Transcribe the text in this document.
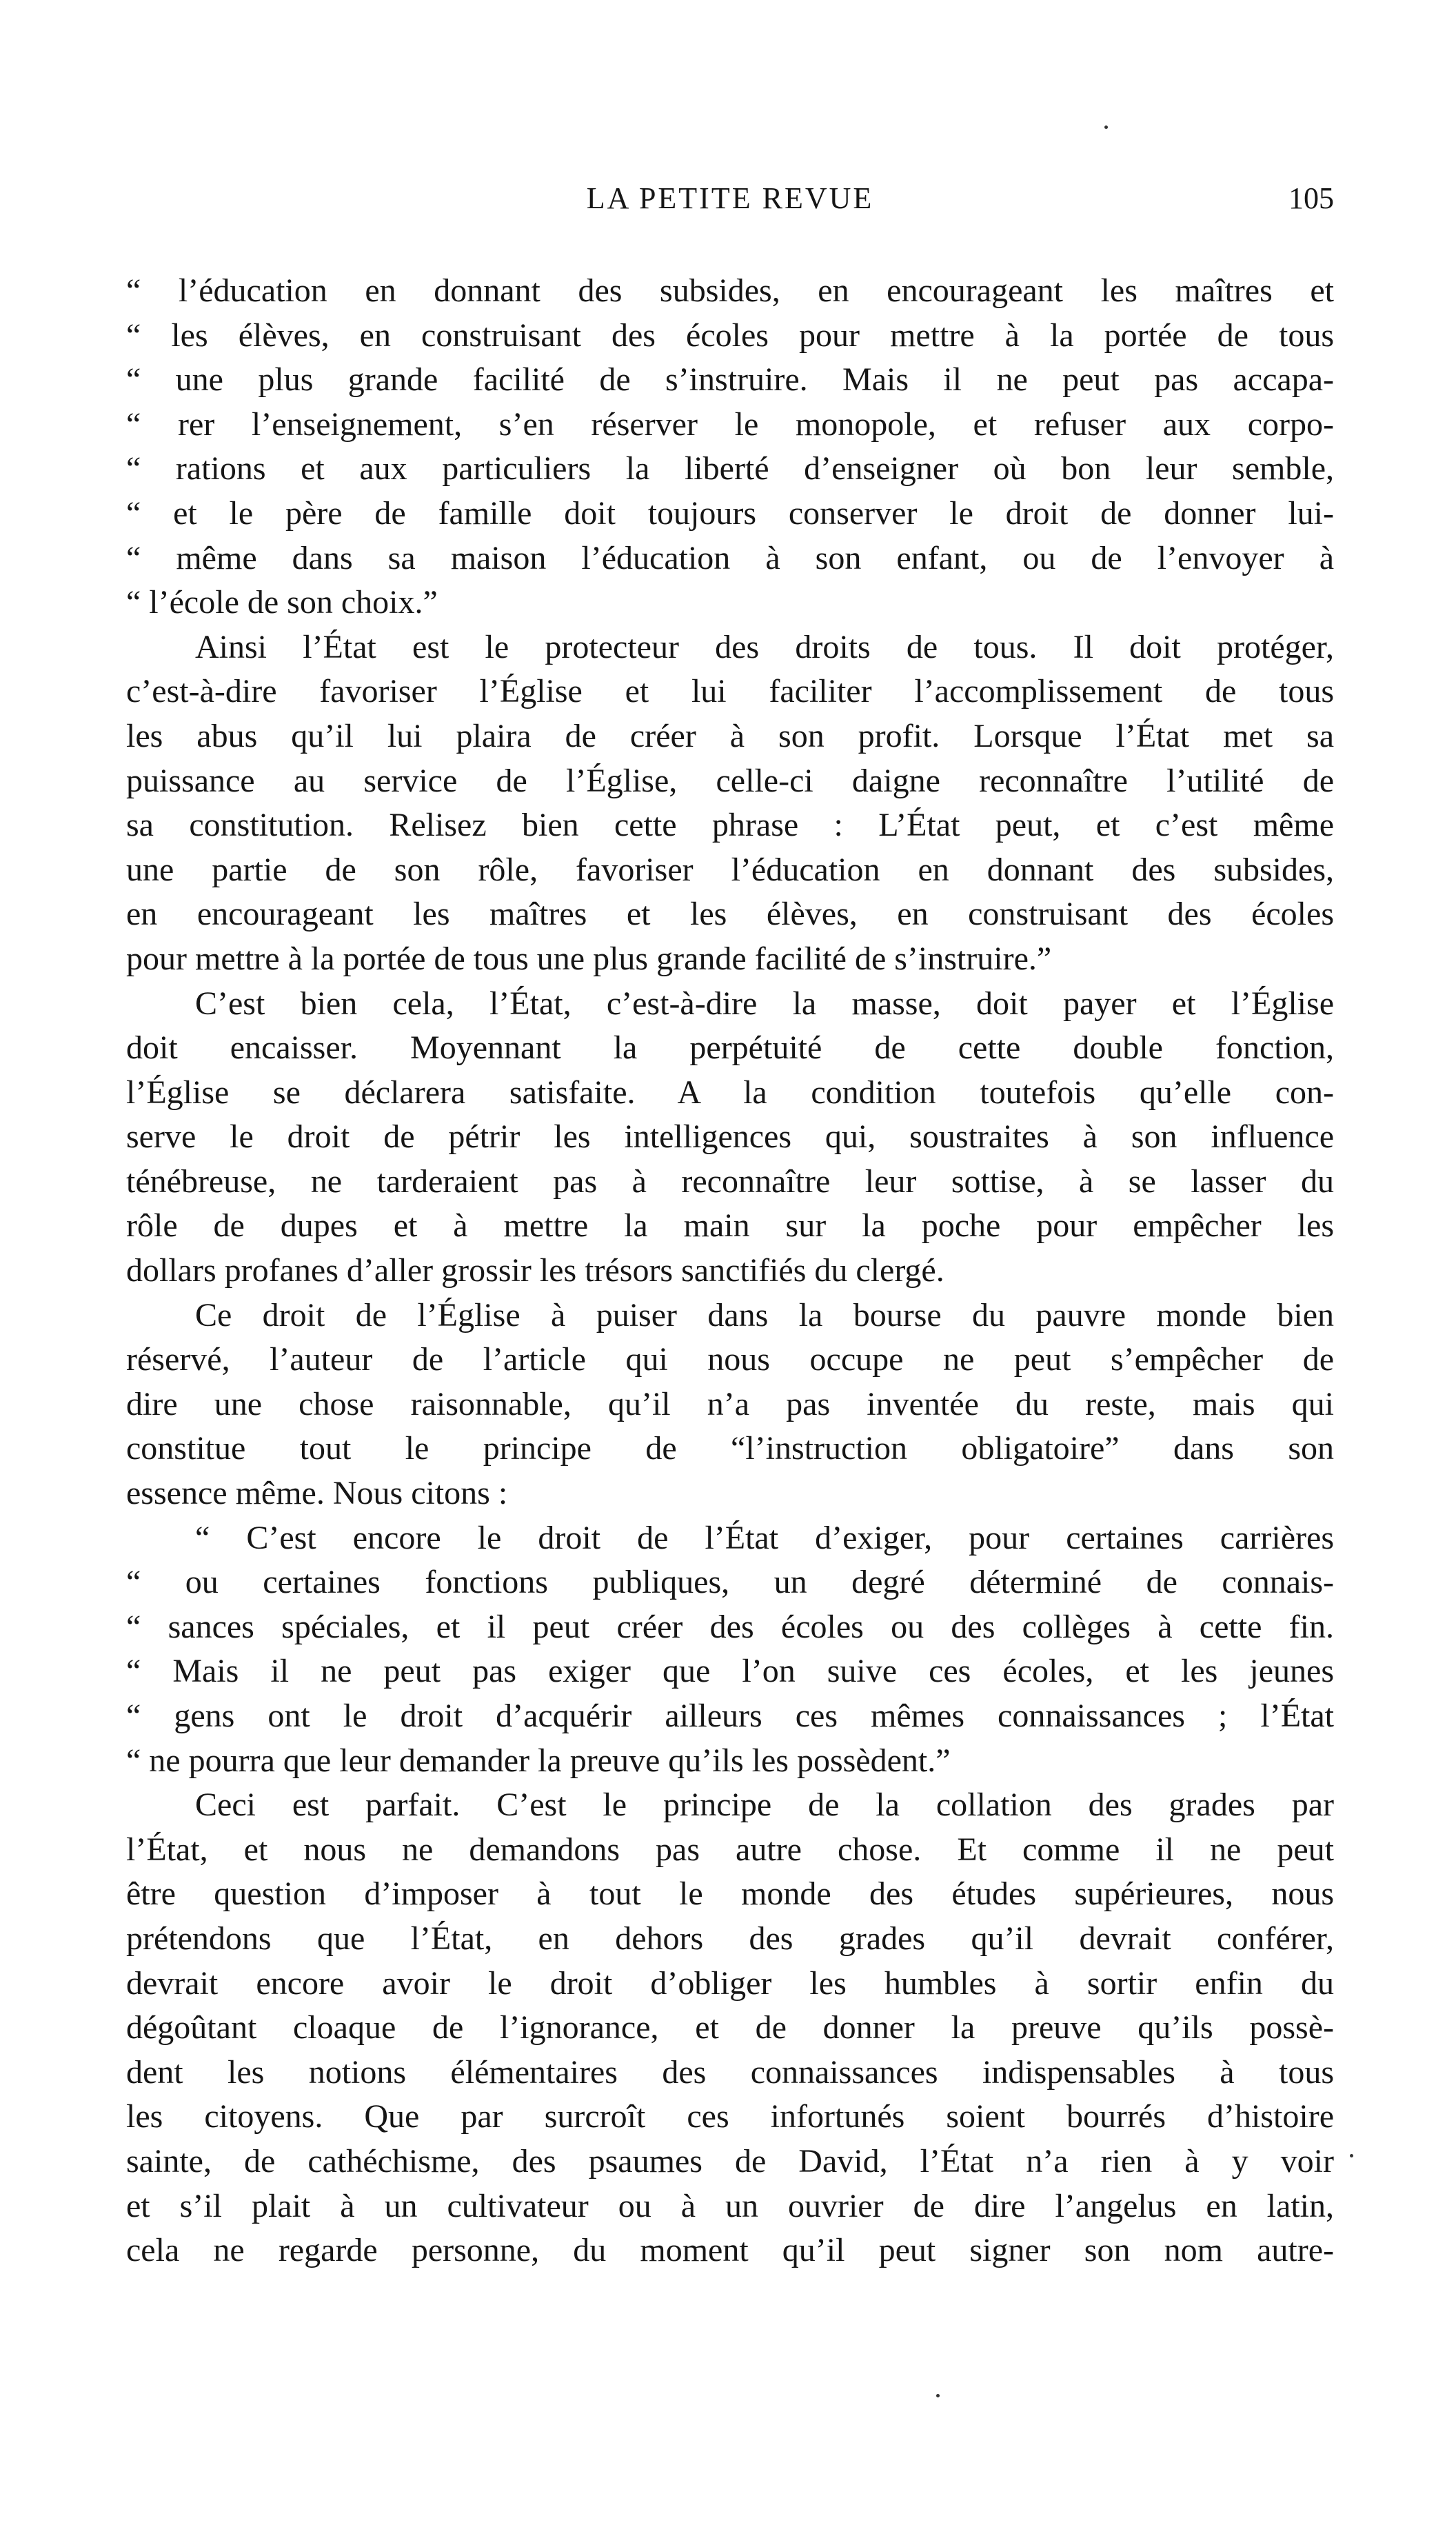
LA PETITE REVUE	105
“ l’éducation en donnant des subsides, en encourageant les maîtres et
“ les élèves, en construisant des écoles pour mettre à la portée de tous
“ une plus grande facilité de s’instruire. Mais il ne peut pas accapa-
“ rer l’enseignement, s’en réserver le monopole, et refuser aux corpo-
“ rations et aux particuliers la liberté d’enseigner où bon leur semble,
“ et le père de famille doit toujours conserver le droit de donner lui-
“ même dans sa maison l’éducation à son enfant, ou de l’envoyer à
“ l’école de son choix.”
Ainsi l’État est le protecteur des droits de tous. Il doit protéger,
c’est-à-dire favoriser l’Église et lui faciliter l’accomplissement de tous
les abus qu’il lui plaira de créer à son profit. Lorsque l’État met sa
puissance au service de l’Église, celle-ci daigne reconnaître l’utilité de
sa constitution. Relisez bien cette phrase : L’État peut, et c’est même
une partie de son rôle, favoriser l’éducation en donnant des subsides,
en encourageant les maîtres et les élèves, en construisant des écoles
pour mettre à la portée de tous une plus grande facilité de s’instruire.”
C’est bien cela, l’État, c’est-à-dire la masse, doit payer et l’Église
doit encaisser. Moyennant la perpétuité de cette double fonction,
l’Église se déclarera satisfaite. A la condition toutefois qu’elle con-
serve le droit de pétrir les intelligences qui, soustraites à son influence
ténébreuse, ne tarderaient pas à reconnaître leur sottise, à se lasser du
rôle de dupes et à mettre la main sur la poche pour empêcher les
dollars profanes d’aller grossir les trésors sanctifiés du clergé.
Ce droit de l’Église à puiser dans la bourse du pauvre monde bien
réservé, l’auteur de l’article qui nous occupe ne peut s’empêcher de
dire une chose raisonnable, qu’il n’a pas inventée du reste, mais qui
constitue tout le principe de “l’instruction obligatoire” dans son
essence même. Nous citons :
“ C’est encore le droit de l’État d’exiger, pour certaines carrières
“ ou certaines fonctions publiques, un degré déterminé de connais-
“ sances spéciales, et il peut créer des écoles ou des collèges à cette fin.
“ Mais il ne peut pas exiger que l’on suive ces écoles, et les jeunes
“ gens ont le droit d’acquérir ailleurs ces mêmes connaissances ; l’État
“ ne pourra que leur demander la preuve qu’ils les possèdent.”
Ceci est parfait. C’est le principe de la collation des grades par
l’État, et nous ne demandons pas autre chose. Et comme il ne peut
être question d’imposer à tout le monde des études supérieures, nous
prétendons que l’État, en dehors des grades qu’il devrait conférer,
devrait encore avoir le droit d’obliger les humbles à sortir enfin du
dégoûtant cloaque de l’ignorance, et de donner la preuve qu’ils possè-
dent les notions élémentaires des connaissances indispensables à tous
les citoyens. Que par surcroît ces infortunés soient bourrés d’histoire
sainte, de cathéchisme, des psaumes de David, l’État n’a rien à y voir
et s’il plait à un cultivateur ou à un ouvrier de dire l’angelus en latin,
cela ne regarde personne, du moment qu’il peut signer son nom autre-
